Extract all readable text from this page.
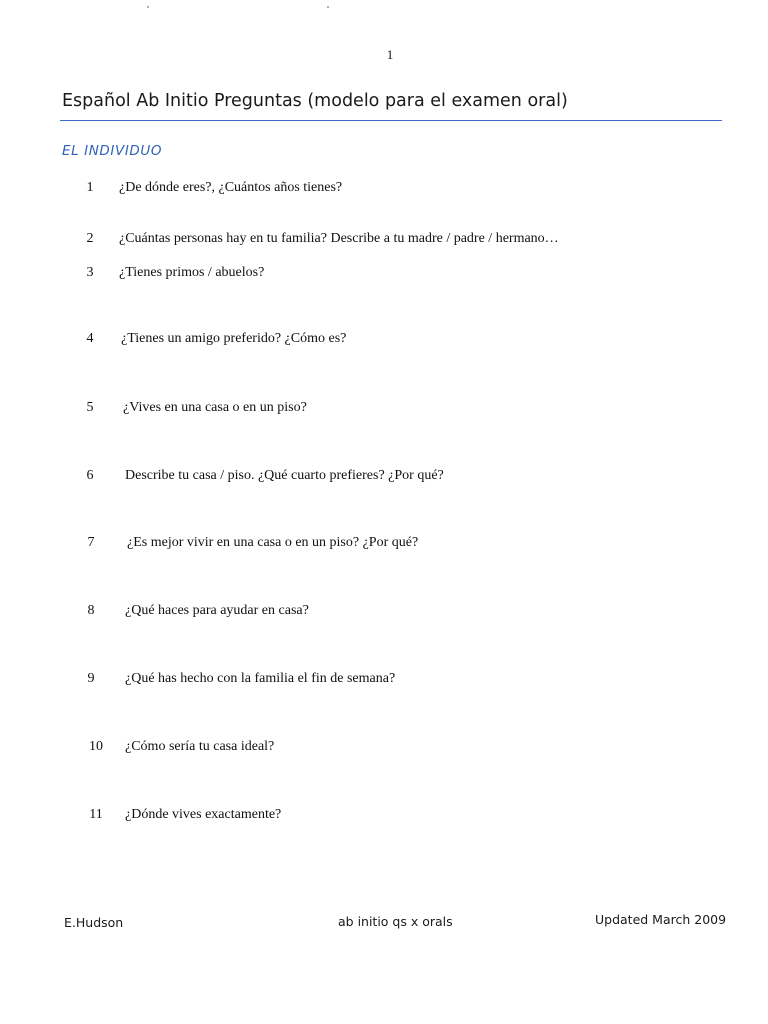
1
Español Ab Initio Preguntas (modelo para el examen oral)
EL INDIVIDUO
1	¿De dónde eres?, ¿Cuántos años tienes?
2	¿Cuántas personas hay en tu familia? Describe a tu madre / padre / hermano…
3	¿Tienes primos / abuelos?
4	¿Tienes un amigo preferido? ¿Cómo es?
5	¿Vives en una casa o en un piso?
6	Describe tu casa / piso. ¿Qué cuarto prefieres? ¿Por qué?
7	¿Es mejor vivir en una casa o en un piso? ¿Por qué?
8	¿Qué haces para ayudar en casa?
9	¿Qué has hecho con la familia el fin de semana?
10	¿Cómo sería tu casa ideal?
11	¿Dónde vives exactamente?
E.Hudson	ab initio qs x orals	Updated March 2009
